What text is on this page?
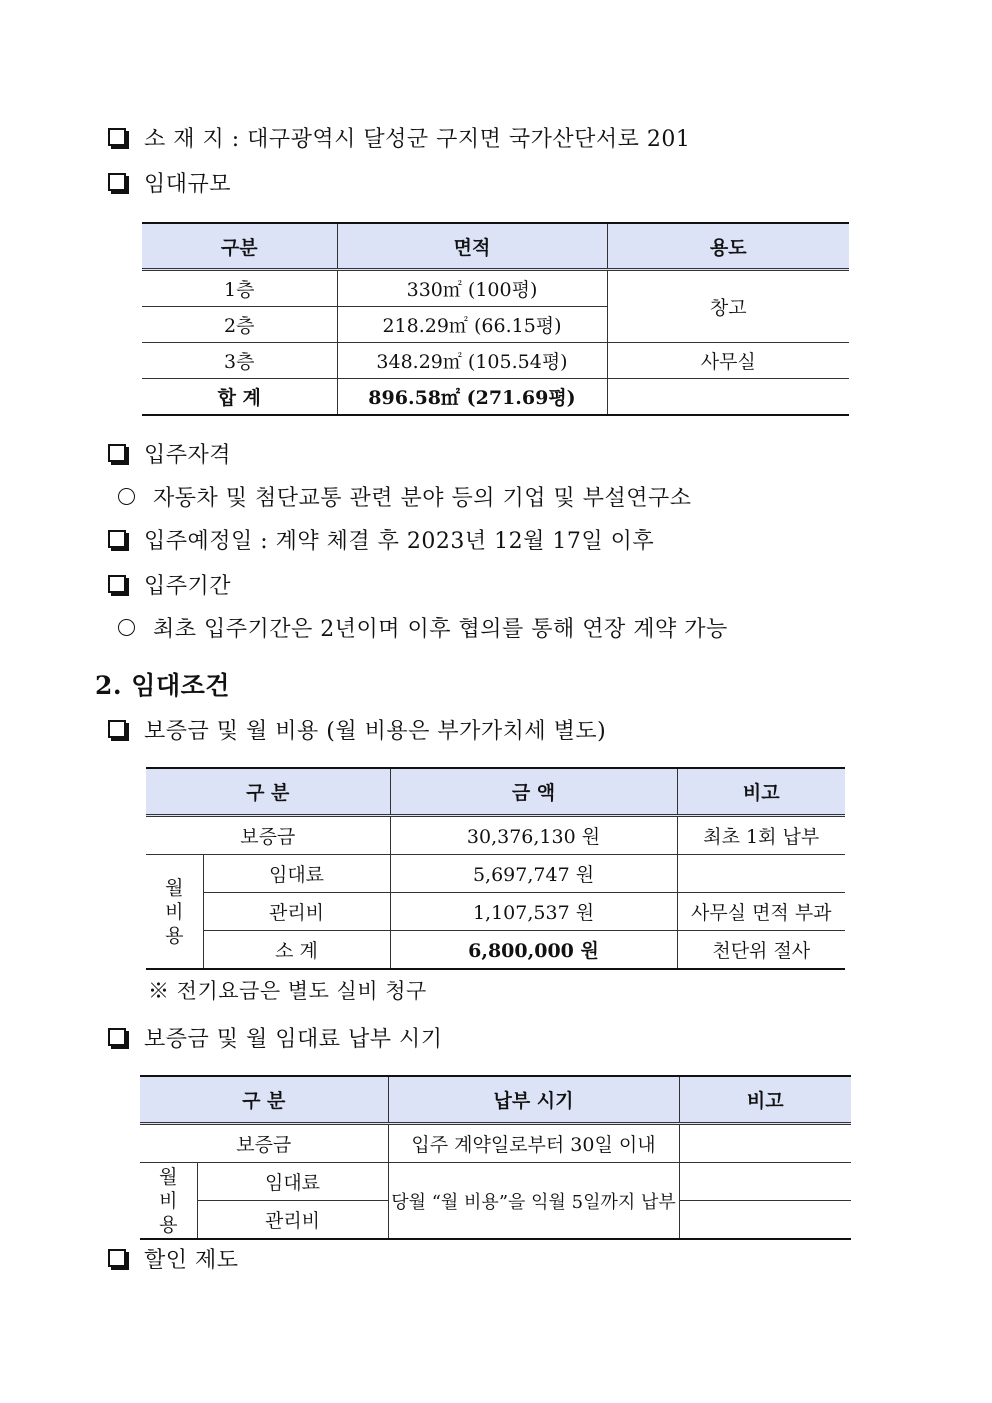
소 재 지 : 대구광역시 달성군 구지면 국가산단서로 201
임대규모
구분	면적	용도
1층	330㎡ (100평)	창고
2층	218.29㎡ (66.15평)	
3층	348.29㎡ (105.54평)	사무실
합 계	896.58㎡ (271.69평)	
입주자격
자동차 및 첨단교통 관련 분야 등의 기업 및 부설연구소
입주예정일 : 계약 체결 후 2023년 12월 17일 이후
입주기간
최초 입주기간은 2년이며 이후 협의를 통해 연장 계약 가능
2. 임대조건
보증금 및 월 비용 (월 비용은 부가가치세 별도)
구 분		금 액	비고
보증금		30,376,130 원	최초 1회 납부
월
비
용	임대료	5,697,747 원	
	관리비	1,107,537 원	사무실 면적 부과
	소 계	6,800,000 원	천단위 절사
※ 전기요금은 별도 실비 청구
보증금 및 월 임대료 납부 시기
구 분		납부 시기	비고
보증금		입주 계약일로부터 30일 이내	
월
비
용	임대료	당월 “월 비용”을 익월 5일까지 납부	
	관리비		
할인 제도
